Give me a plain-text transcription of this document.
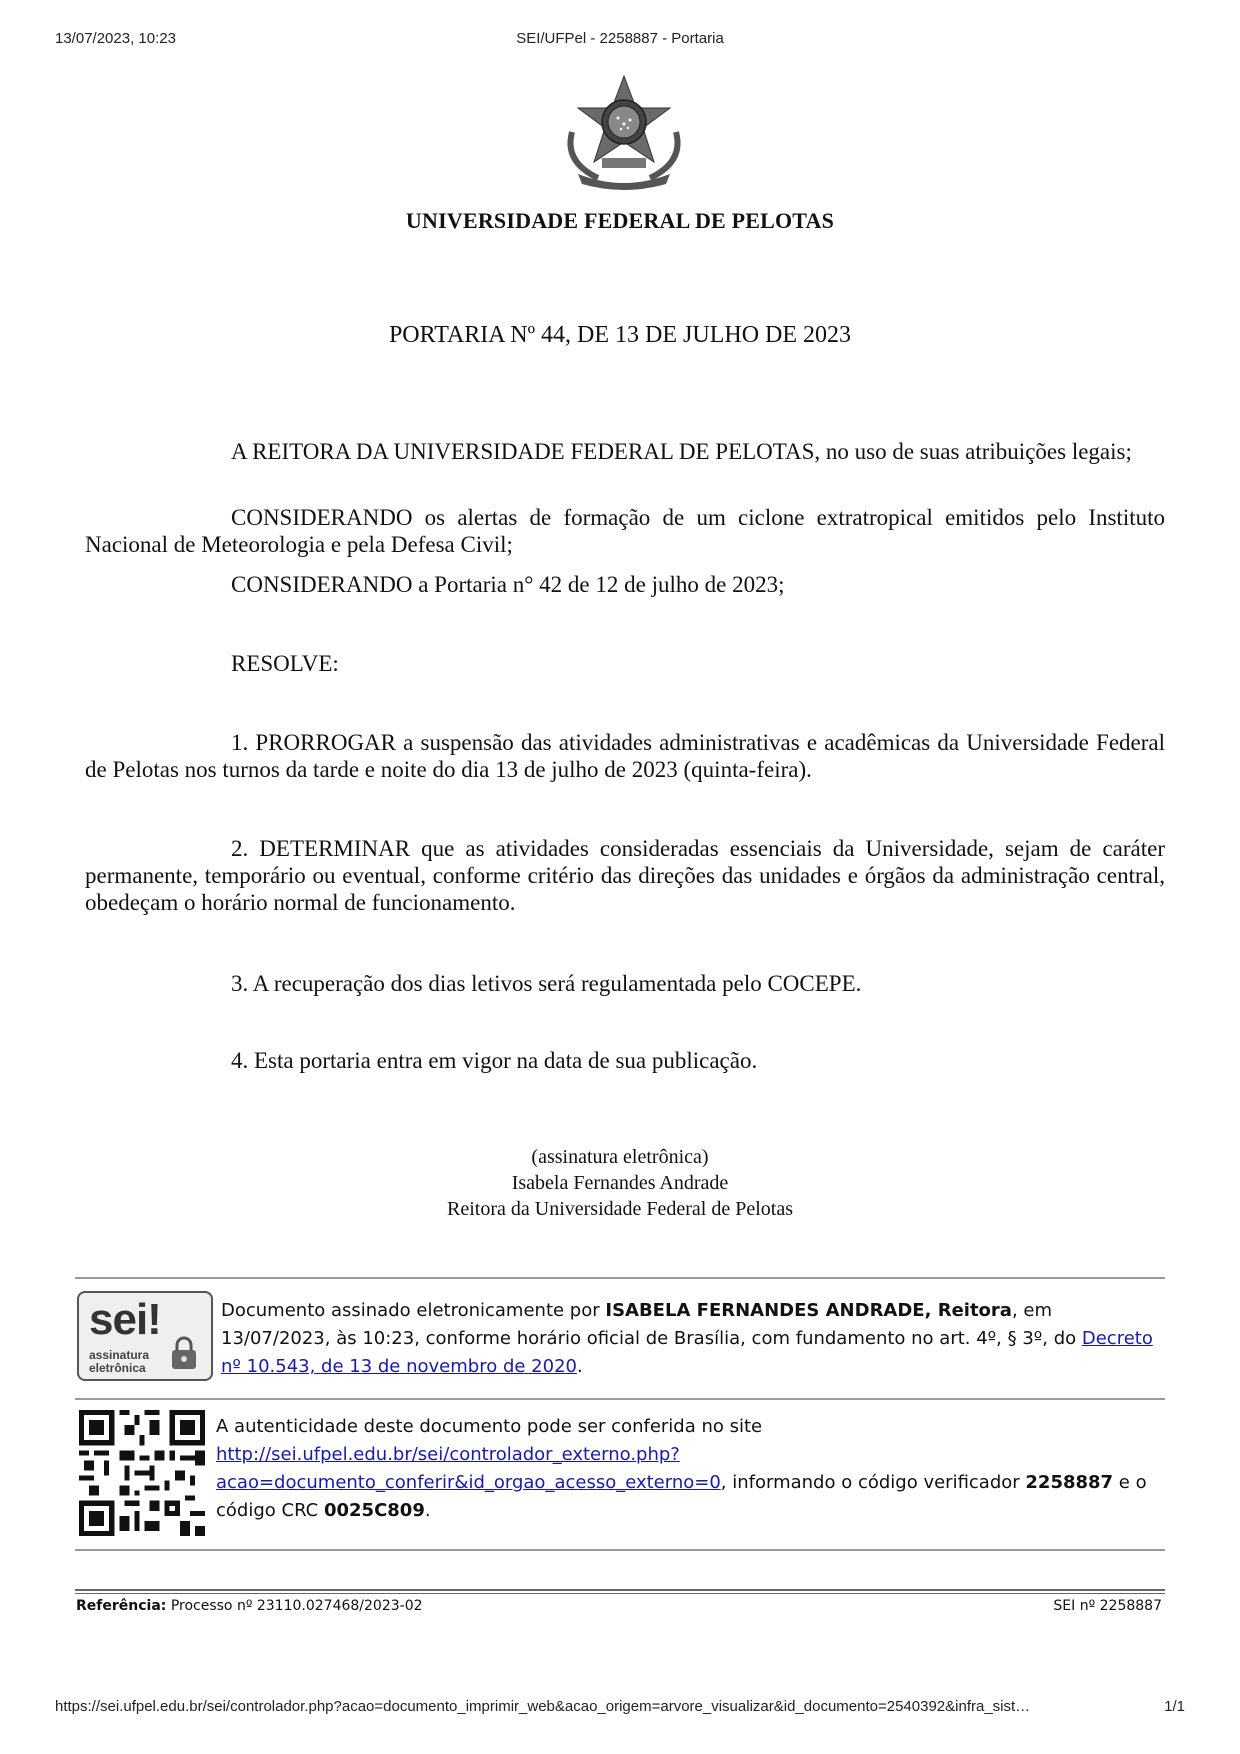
13/07/2023, 10:23	SEI/UFPel - 2258887 - Portaria
UNIVERSIDADE FEDERAL DE PELOTAS
PORTARIA Nº 44, DE 13 DE JULHO DE 2023

A REITORA DA UNIVERSIDADE FEDERAL DE PELOTAS, no uso de suas atribuições legais;

CONSIDERANDO os alertas de formação de um ciclone extratropical emitidos pelo Instituto Nacional de Meteorologia e pela Defesa Civil;

CONSIDERANDO a Portaria n° 42 de 12 de julho de 2023;

RESOLVE:

1. PRORROGAR a suspensão das atividades administrativas e acadêmicas da Universidade Federal de Pelotas nos turnos da tarde e noite do dia 13 de julho de 2023 (quinta-feira).

2. DETERMINAR que as atividades consideradas essenciais da Universidade, sejam de caráter permanente, temporário ou eventual, conforme critério das direções das unidades e órgãos da administração central, obedeçam o horário normal de funcionamento.

3. A recuperação dos dias letivos será regulamentada pelo COCEPE.

4. Esta portaria entra em vigor na data de sua publicação.

(assinatura eletrônica)
Isabela Fernandes Andrade
Reitora da Universidade Federal de Pelotas
sei!
assinatura
eletrônica

Documento assinado eletronicamente por ISABELA FERNANDES ANDRADE, Reitora, em 13/07/2023, às 10:23, conforme horário oficial de Brasília, com fundamento no art. 4º, § 3º, do Decreto nº 10.543, de 13 de novembro de 2020.

A autenticidade deste documento pode ser conferida no site
http://sei.ufpel.edu.br/sei/controlador_externo.php?
acao=documento_conferir&id_orgao_acesso_externo=0, informando o código verificador 2258887 e o código CRC 0025C809.

Referência: Processo nº 23110.027468/2023-02	SEI nº 2258887
https://sei.ufpel.edu.br/sei/controlador.php?acao=documento_imprimir_web&acao_origem=arvore_visualizar&id_documento=2540392&infra_sist…	1/1
